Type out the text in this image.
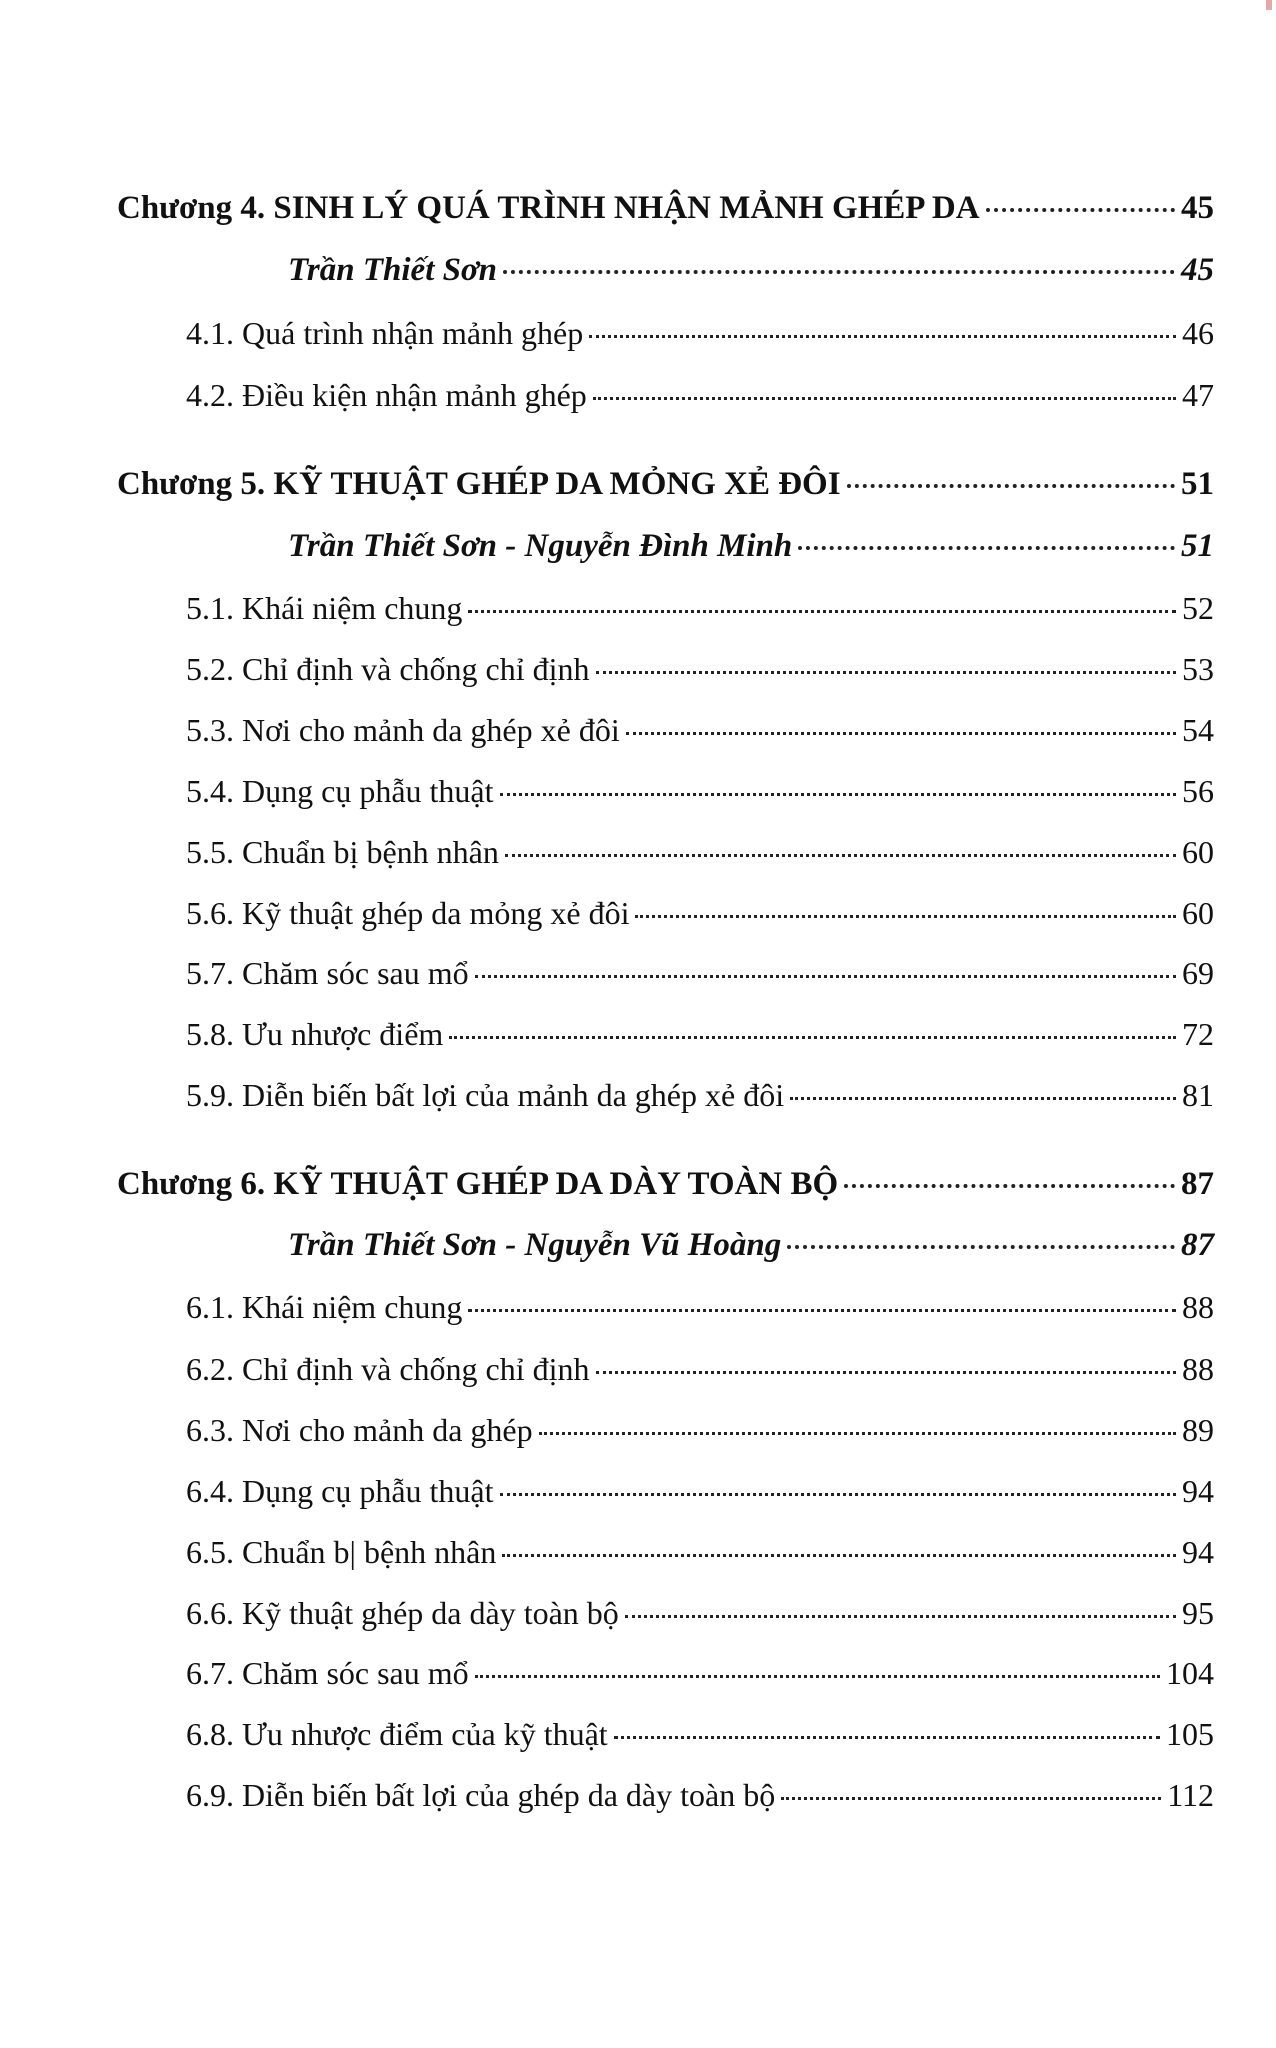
Chương 4. SINH LÝ QUÁ TRÌNH NHẬN MẢNH GHÉP DA	45
Trần Thiết Sơn	45
4.1. Quá trình nhận mảnh ghép	46
4.2. Điều kiện nhận mảnh ghép	47
Chương 5. KỸ THUẬT GHÉP DA MỎNG XẺ ĐÔI	51
Trần Thiết Sơn - Nguyễn Đình Minh	51
5.1. Khái niệm chung	52
5.2. Chỉ định và chống chỉ định	53
5.3. Nơi cho mảnh da ghép xẻ đôi	54
5.4. Dụng cụ phẫu thuật	56
5.5. Chuẩn bị bệnh nhân	60
5.6. Kỹ thuật ghép da mỏng xẻ đôi	60
5.7. Chăm sóc sau mổ	69
5.8. Ưu nhược điểm	72
5.9. Diễn biến bất lợi của mảnh da ghép xẻ đôi	81
Chương 6. KỸ THUẬT GHÉP DA DÀY TOÀN BỘ	87
Trần Thiết Sơn - Nguyễn Vũ Hoàng	87
6.1. Khái niệm chung	88
6.2. Chỉ định và chống chỉ định	88
6.3. Nơi cho mảnh da ghép	89
6.4. Dụng cụ phẫu thuật	94
6.5. Chuẩn b| bệnh nhân	94
6.6. Kỹ thuật ghép da dày toàn bộ	95
6.7. Chăm sóc sau mổ	104
6.8. Ưu nhược điểm của kỹ thuật	105
6.9. Diễn biến bất lợi của ghép da dày toàn bộ	112
